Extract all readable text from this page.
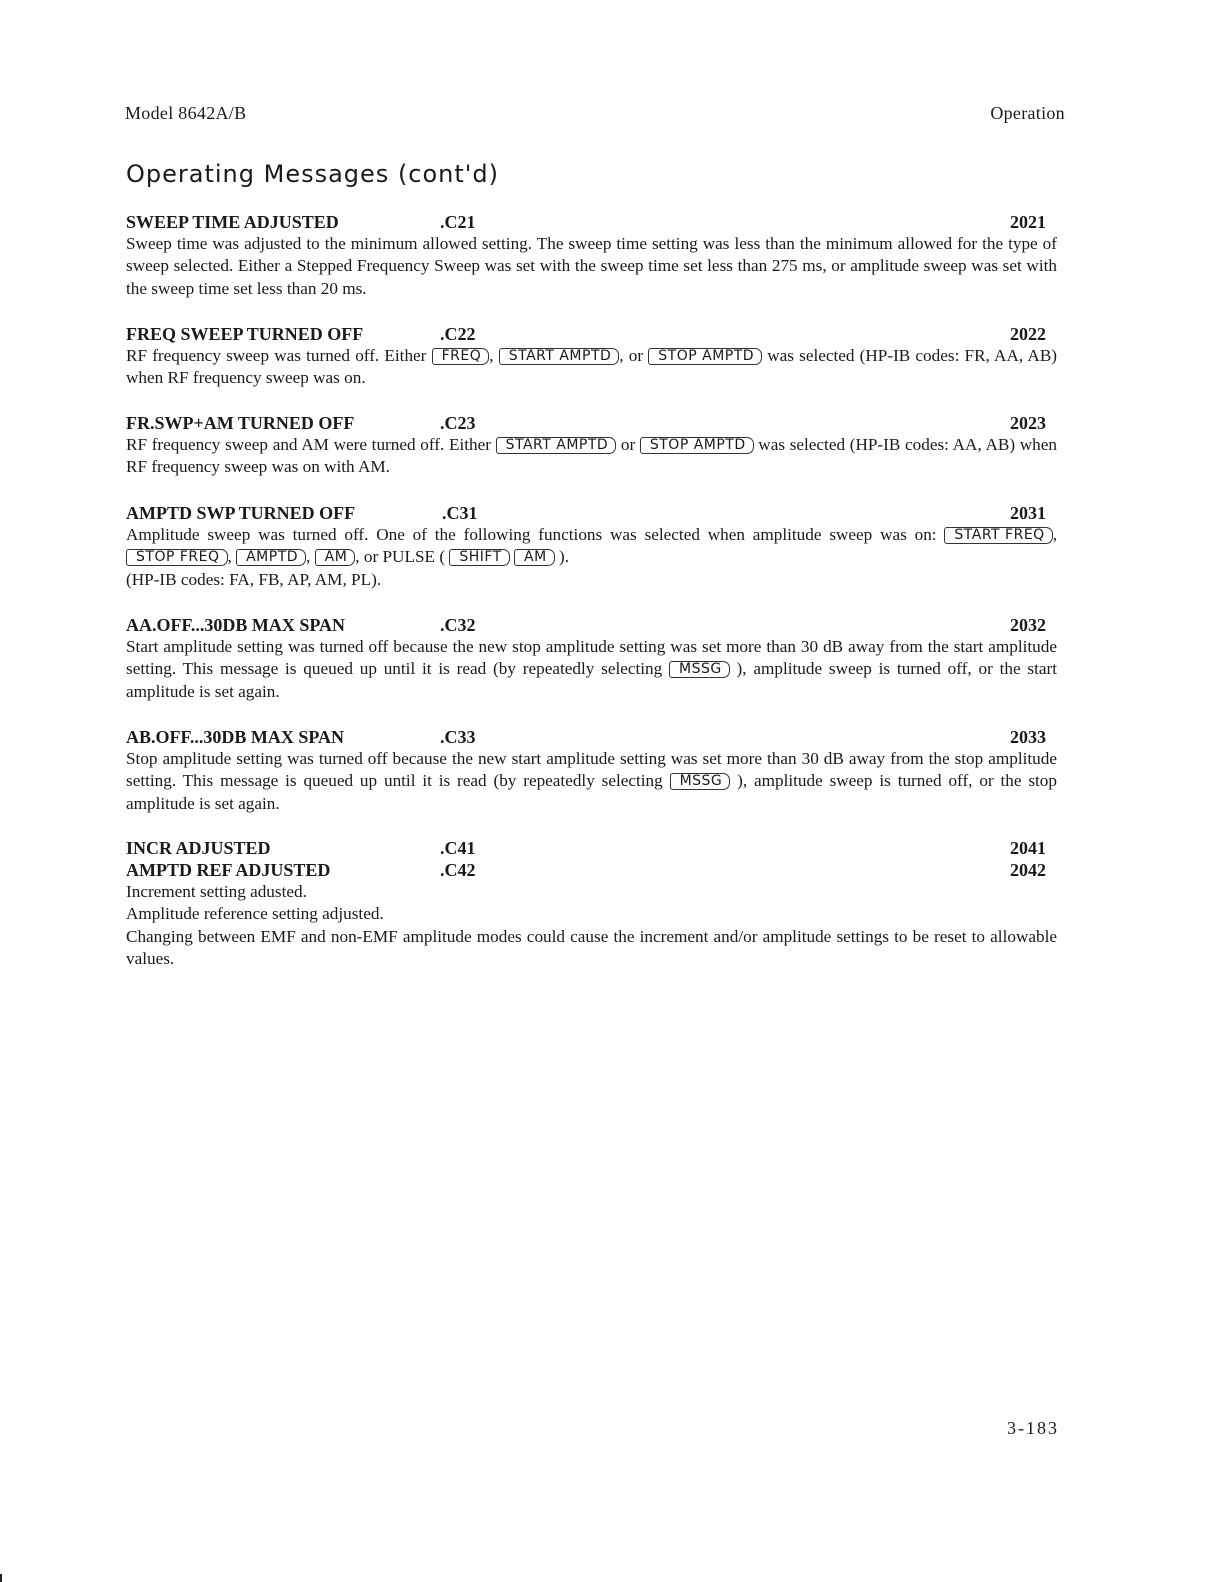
Model 8642A/B	Operation
Operating Messages (cont'd)
SWEEP TIME ADJUSTED	.C21	2021

Sweep time was adjusted to the minimum allowed setting. The sweep time setting was less than the minimum allowed for the type of sweep selected. Either a Stepped Frequency Sweep was set with the sweep time set less than 275 ms, or amplitude sweep was set with the sweep time set less than 20 ms.

FREQ SWEEP TURNED OFF	.C22	2022

RF frequency sweep was turned off. Either FREQ , START AMPTD , or STOP AMPTD was selected (HP-IB codes: FR, AA, AB) when RF frequency sweep was on.

FR.SWP+AM TURNED OFF	.C23	2023

RF frequency sweep and AM were turned off. Either START AMPTD or STOP AMPTD was selected (HP-IB codes: AA, AB) when RF frequency sweep was on with AM.

AMPTD SWP TURNED OFF	.C31	2031

Amplitude sweep was turned off. One of the following functions was selected when amplitude sweep was on: START FREQ , STOP FREQ , AMPTD , AM , or PULSE ( SHIFT AM ).
(HP-IB codes: FA, FB, AP, AM, PL).

AA.OFF...30DB MAX SPAN	.C32	2032

Start amplitude setting was turned off because the new stop amplitude setting was set more than 30 dB away from the start amplitude setting. This message is queued up until it is read (by repeatedly selecting MSSG ), amplitude sweep is turned off, or the start amplitude is set again.

AB.OFF...30DB MAX SPAN	.C33	2033

Stop amplitude setting was turned off because the new start amplitude setting was set more than 30 dB away from the stop amplitude setting. This message is queued up until it is read (by repeatedly selecting MSSG ), amplitude sweep is turned off, or the stop amplitude is set again.

INCR ADJUSTED	.C41	2041
AMPTD REF ADJUSTED	.C42	2042

Increment setting adusted.
Amplitude reference setting adjusted.
Changing between EMF and non-EMF amplitude modes could cause the increment and/or amplitude settings to be reset to allowable values.

3-183
